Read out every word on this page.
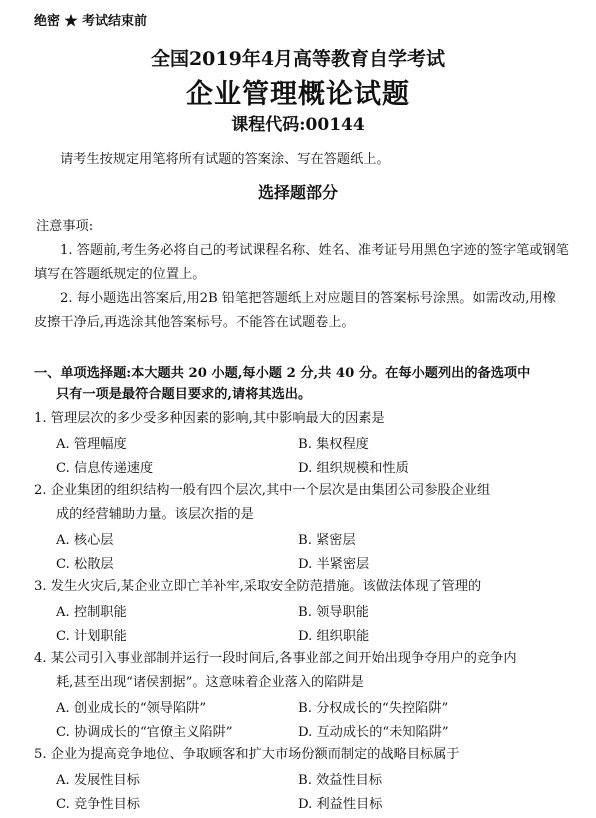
绝密 ★ 考试结束前
全国2019年4月高等教育自学考试
企业管理概论试题
课程代码:00144
请考生按规定用笔将所有试题的答案涂、写在答题纸上。
选择题部分
注意事项:
1. 答题前,考生务必将自己的考试课程名称、姓名、准考证号用黑色字迹的签字笔或钢笔
填写在答题纸规定的位置上。
2. 每小题选出答案后,用2B 铅笔把答题纸上对应题目的答案标号涂黑。如需改动,用橡
皮擦干净后,再选涂其他答案标号。不能答在试题卷上。
一、单项选择题:本大题共 20 小题,每小题 2 分,共 40 分。在每小题列出的备选项中
只有一项是最符合题目要求的,请将其选出。
1. 管理层次的多少受多种因素的影响,其中影响最大的因素是
A. 管理幅度	B. 集权程度
C. 信息传递速度	D. 组织规模和性质
2. 企业集团的组织结构一般有四个层次,其中一个层次是由集团公司参股企业组
成的经营辅助力量。该层次指的是
A. 核心层	B. 紧密层
C. 松散层	D. 半紧密层
3. 发生火灾后,某企业立即亡羊补牢,采取安全防范措施。该做法体现了管理的
A. 控制职能	B. 领导职能
C. 计划职能	D. 组织职能
4. 某公司引入事业部制并运行一段时间后,各事业部之间开始出现争夺用户的竞争内
耗,甚至出现“诸侯割据”。这意味着企业落入的陷阱是
A. 创业成长的“领导陷阱”	B. 分权成长的“失控陷阱”
C. 协调成长的“官僚主义陷阱”	D. 互动成长的“未知陷阱”
5. 企业为提高竞争地位、争取顾客和扩大市场份额而制定的战略目标属于
A. 发展性目标	B. 效益性目标
C. 竞争性目标	D. 利益性目标
